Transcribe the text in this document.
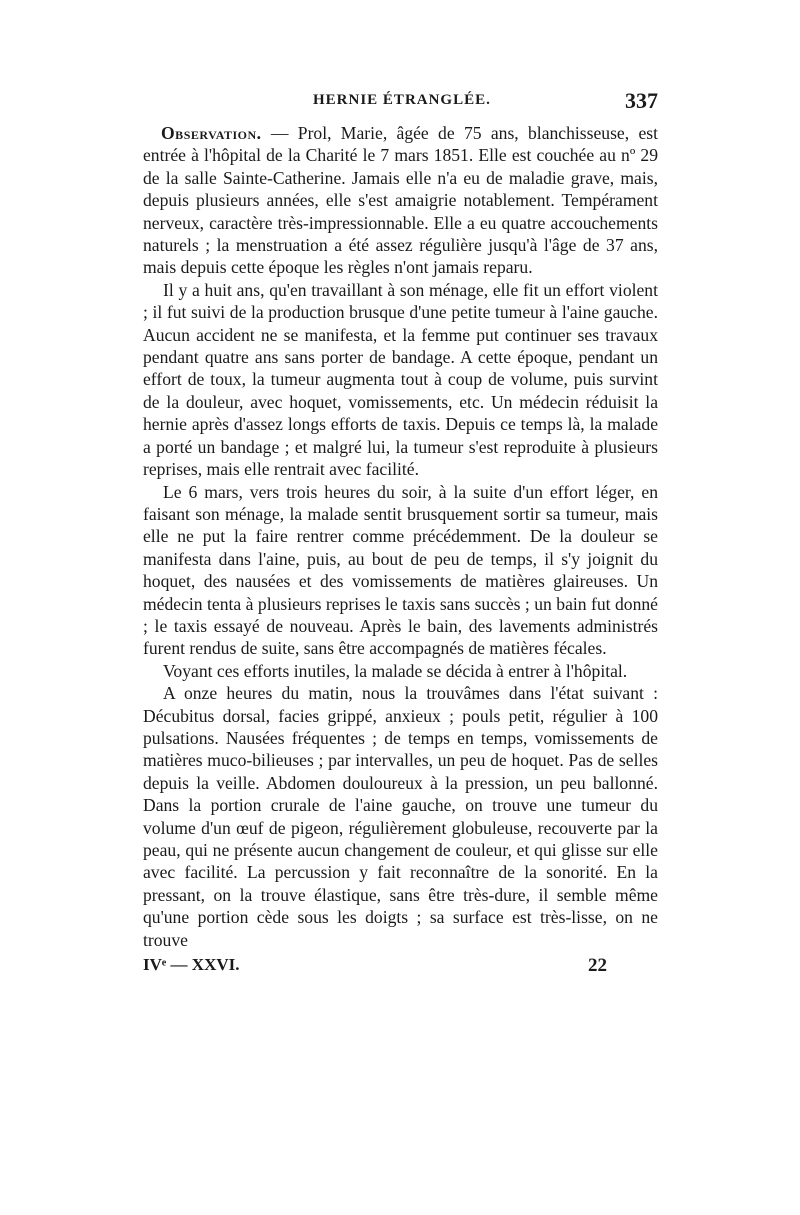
HERNIE ÉTRANGLÉE.	337

Observation. — Prol, Marie, âgée de 75 ans, blanchisseuse, est entrée à l'hôpital de la Charité le 7 mars 1851. Elle est couchée au nº 29 de la salle Sainte-Catherine. Jamais elle n'a eu de maladie grave, mais, depuis plusieurs années, elle s'est amaigrie notablement. Tempérament nerveux, caractère très-impressionnable. Elle a eu quatre accouchements naturels ; la menstruation a été assez régulière jusqu'à l'âge de 37 ans, mais depuis cette époque les règles n'ont jamais reparu.

Il y a huit ans, qu'en travaillant à son ménage, elle fit un effort violent ; il fut suivi de la production brusque d'une petite tumeur à l'aine gauche. Aucun accident ne se manifesta, et la femme put continuer ses travaux pendant quatre ans sans porter de bandage. A cette époque, pendant un effort de toux, la tumeur augmenta tout à coup de volume, puis survint de la douleur, avec hoquet, vomissements, etc. Un médecin réduisit la hernie après d'assez longs efforts de taxis. Depuis ce temps là, la malade a porté un bandage ; et malgré lui, la tumeur s'est reproduite à plusieurs reprises, mais elle rentrait avec facilité.

Le 6 mars, vers trois heures du soir, à la suite d'un effort léger, en faisant son ménage, la malade sentit brusquement sortir sa tumeur, mais elle ne put la faire rentrer comme précédemment. De la douleur se manifesta dans l'aine, puis, au bout de peu de temps, il s'y joignit du hoquet, des nausées et des vomissements de matières glaireuses. Un médecin tenta à plusieurs reprises le taxis sans succès ; un bain fut donné ; le taxis essayé de nouveau. Après le bain, des lavements administrés furent rendus de suite, sans être accompagnés de matières fécales.

Voyant ces efforts inutiles, la malade se décida à entrer à l'hôpital.

A onze heures du matin, nous la trouvâmes dans l'état suivant : Décubitus dorsal, facies grippé, anxieux ; pouls petit, régulier à 100 pulsations. Nausées fréquentes ; de temps en temps, vomissements de matières muco-bilieuses ; par intervalles, un peu de hoquet. Pas de selles depuis la veille. Abdomen douloureux à la pression, un peu ballonné. Dans la portion crurale de l'aine gauche, on trouve une tumeur du volume d'un œuf de pigeon, régulièrement globuleuse, recouverte par la peau, qui ne présente aucun changement de couleur, et qui glisse sur elle avec facilité. La percussion y fait reconnaître de la sonorité. En la pressant, on la trouve élastique, sans être très-dure, il semble même qu'une portion cède sous les doigts ; sa surface est très-lisse, on ne trouve

IVᵉ — XXVI.	22
